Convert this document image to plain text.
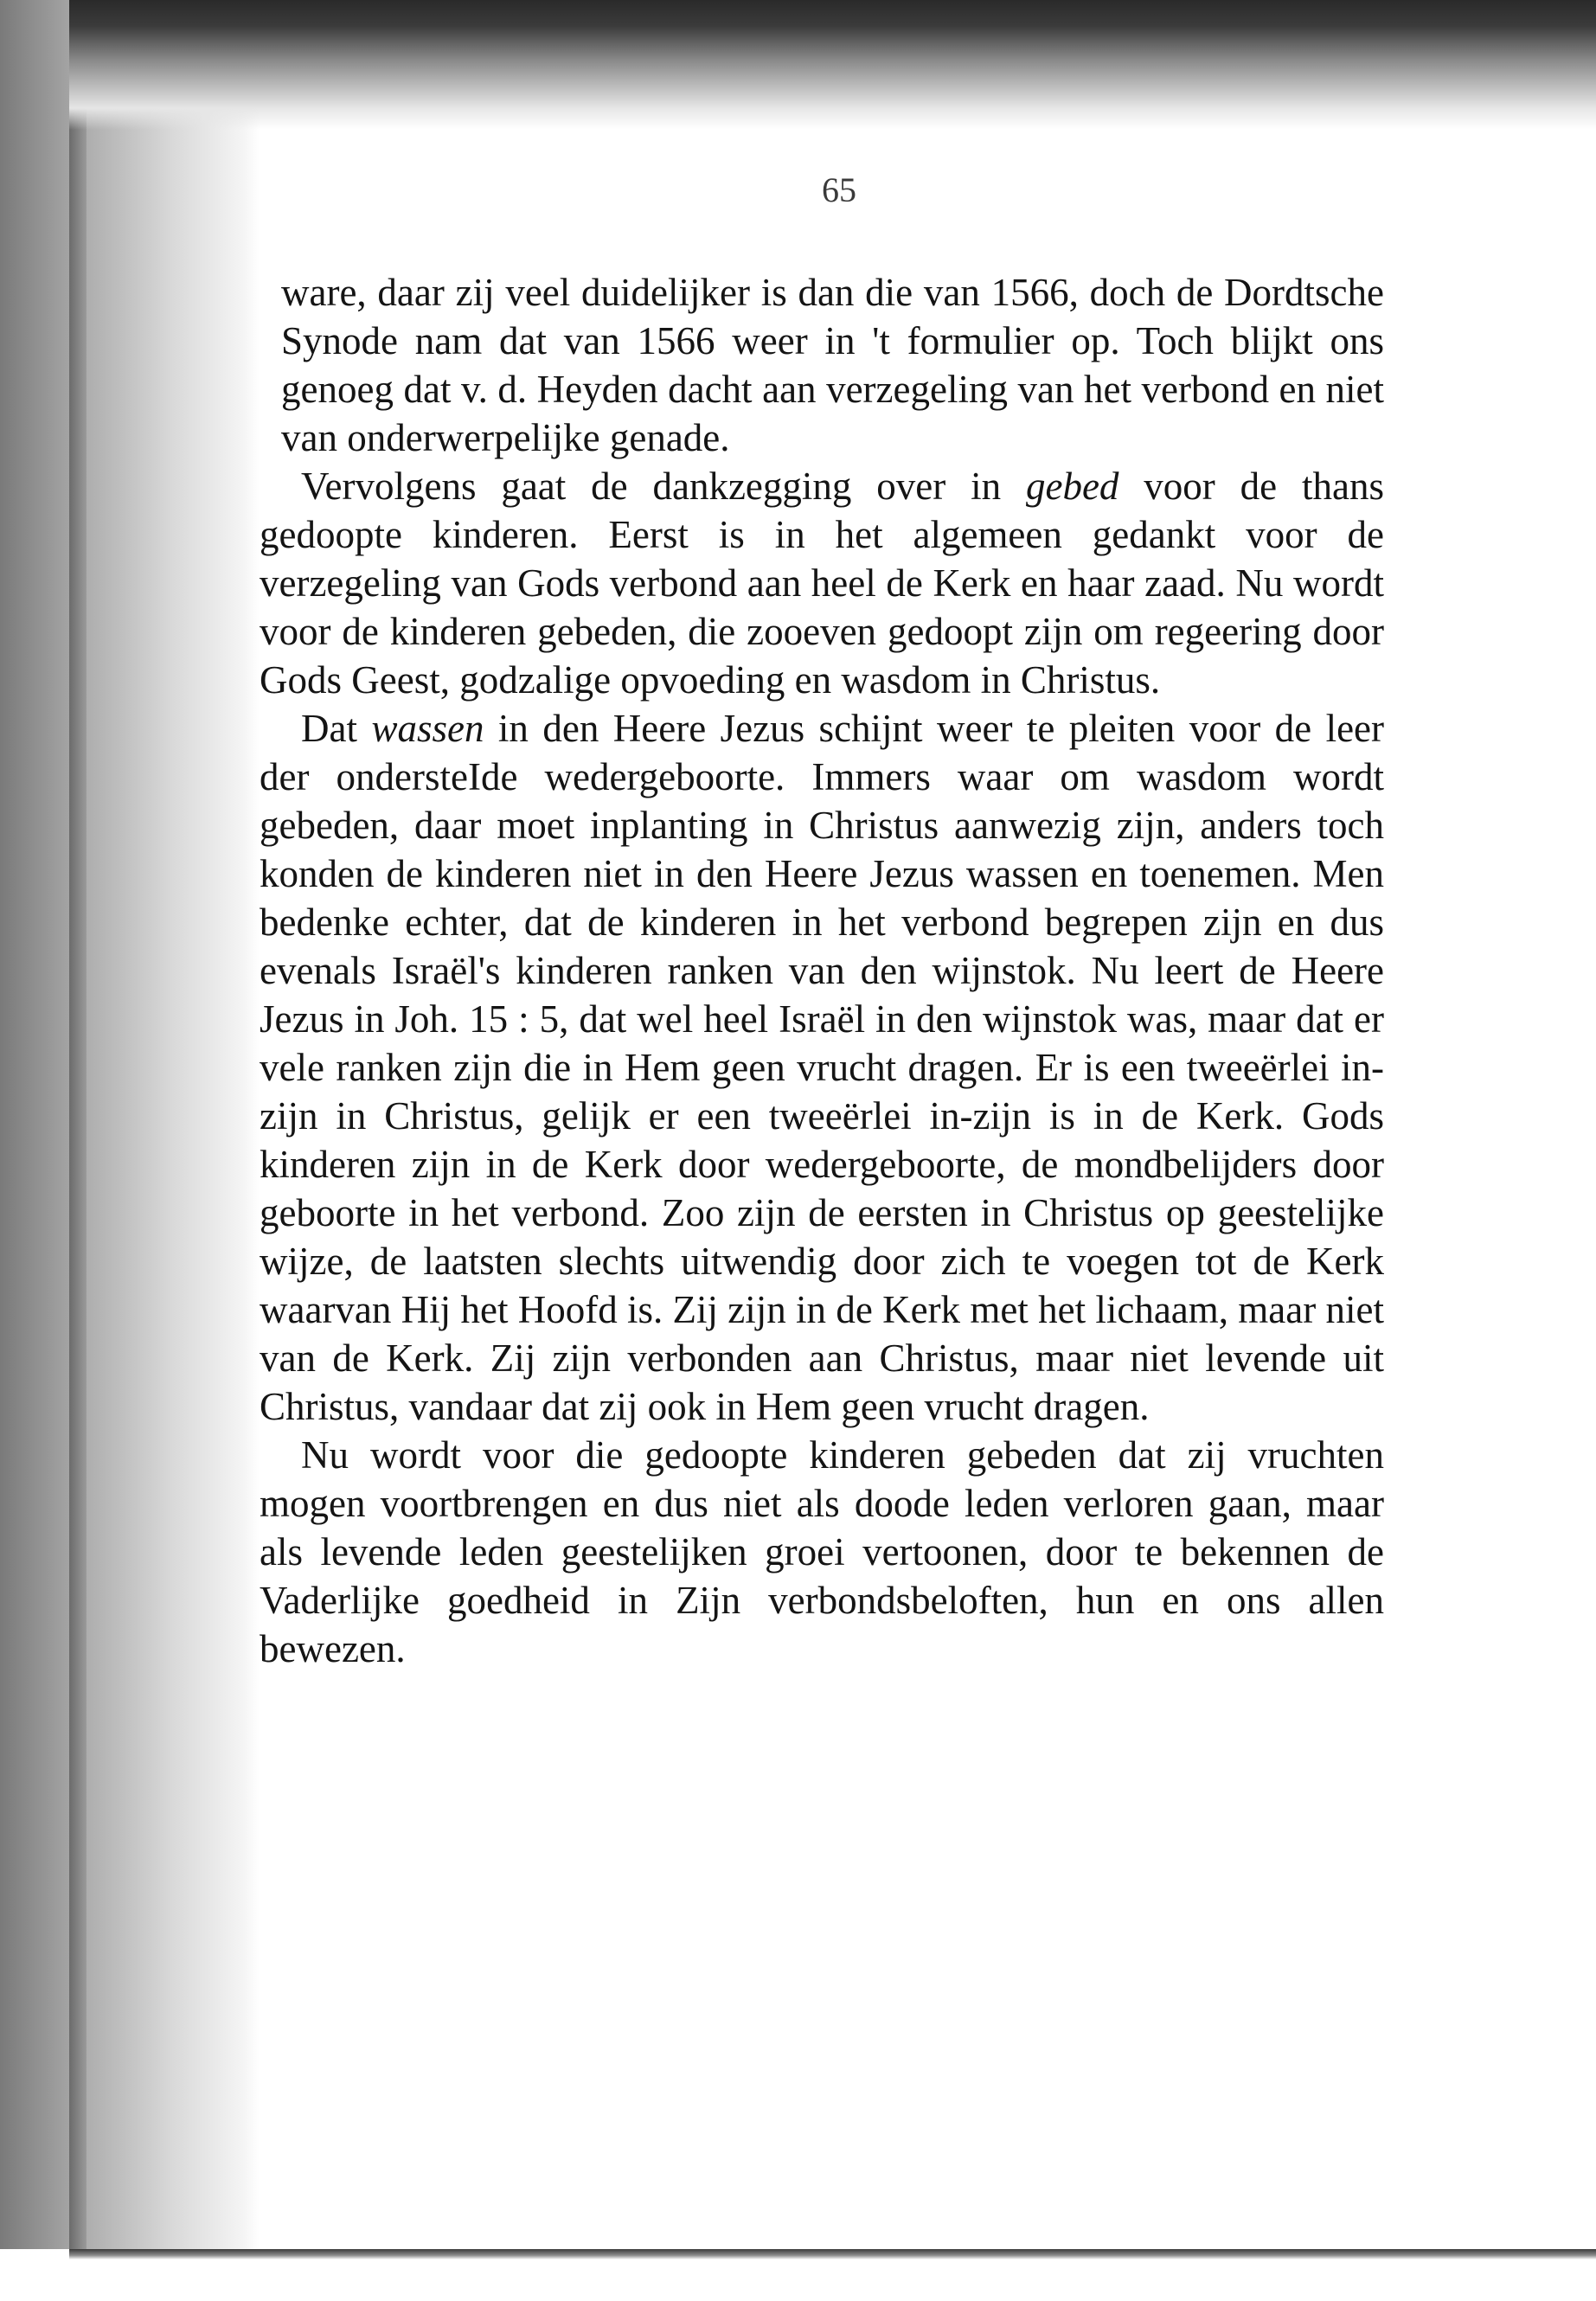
65

ware, daar zij veel duidelijker is dan die van 1566, doch de Dordtsche Synode nam dat van 1566 weer in 't formulier op. Toch blijkt ons genoeg dat v. d. Heyden dacht aan verzegeling van het verbond en niet van onderwerpelijke genade.

Vervolgens gaat de dankzegging over in gebed voor de thans gedoopte kinderen. Eerst is in het algemeen gedankt voor de verzegeling van Gods verbond aan heel de Kerk en haar zaad. Nu wordt voor de kinderen gebeden, die zooeven gedoopt zijn om regeering door Gods Geest, godzalige opvoeding en wasdom in Christus.

Dat wassen in den Heere Jezus schijnt weer te pleiten voor de leer der ondersteIde wedergeboorte. Immers waar om wasdom wordt gebeden, daar moet inplanting in Christus aanwezig zijn, anders toch konden de kinderen niet in den Heere Jezus wassen en toenemen. Men bedenke echter, dat de kinderen in het verbond begrepen zijn en dus evenals Israël's kinderen ranken van den wijnstok. Nu leert de Heere Jezus in Joh. 15 : 5, dat wel heel Israël in den wijnstok was, maar dat er vele ranken zijn die in Hem geen vrucht dragen. Er is een tweeërlei in-zijn in Christus, gelijk er een tweeërlei in-zijn is in de Kerk. Gods kinderen zijn in de Kerk door wedergeboorte, de mondbelijders door geboorte in het verbond. Zoo zijn de eersten in Christus op geestelijke wijze, de laatsten slechts uitwendig door zich te voegen tot de Kerk waarvan Hij het Hoofd is. Zij zijn in de Kerk met het lichaam, maar niet van de Kerk. Zij zijn verbonden aan Christus, maar niet levende uit Christus, vandaar dat zij ook in Hem geen vrucht dragen.

Nu wordt voor die gedoopte kinderen gebeden dat zij vruchten mogen voortbrengen en dus niet als doode leden verloren gaan, maar als levende leden geestelijken groei vertoonen, door te bekennen de Vaderlijke goedheid in Zijn verbondsbeloften, hun en ons allen bewezen.
